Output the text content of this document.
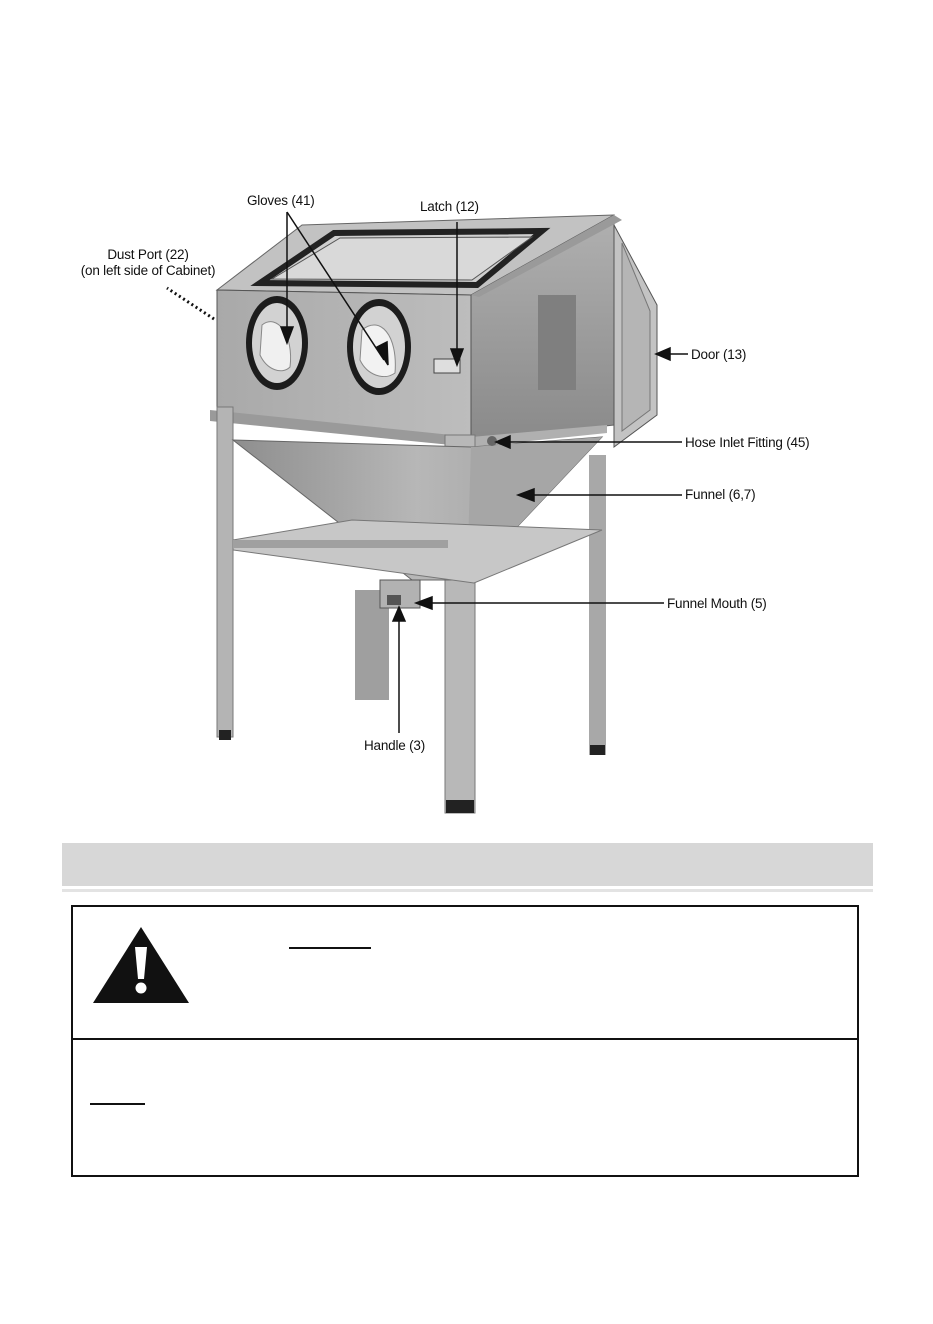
Gloves (41)	Latch (12)
Dust Port (22)
(on left side of Cabinet)
Door (13)
Hose Inlet Fitting (45)
Funnel (6,7)
Funnel Mouth (5)
Handle (3)
